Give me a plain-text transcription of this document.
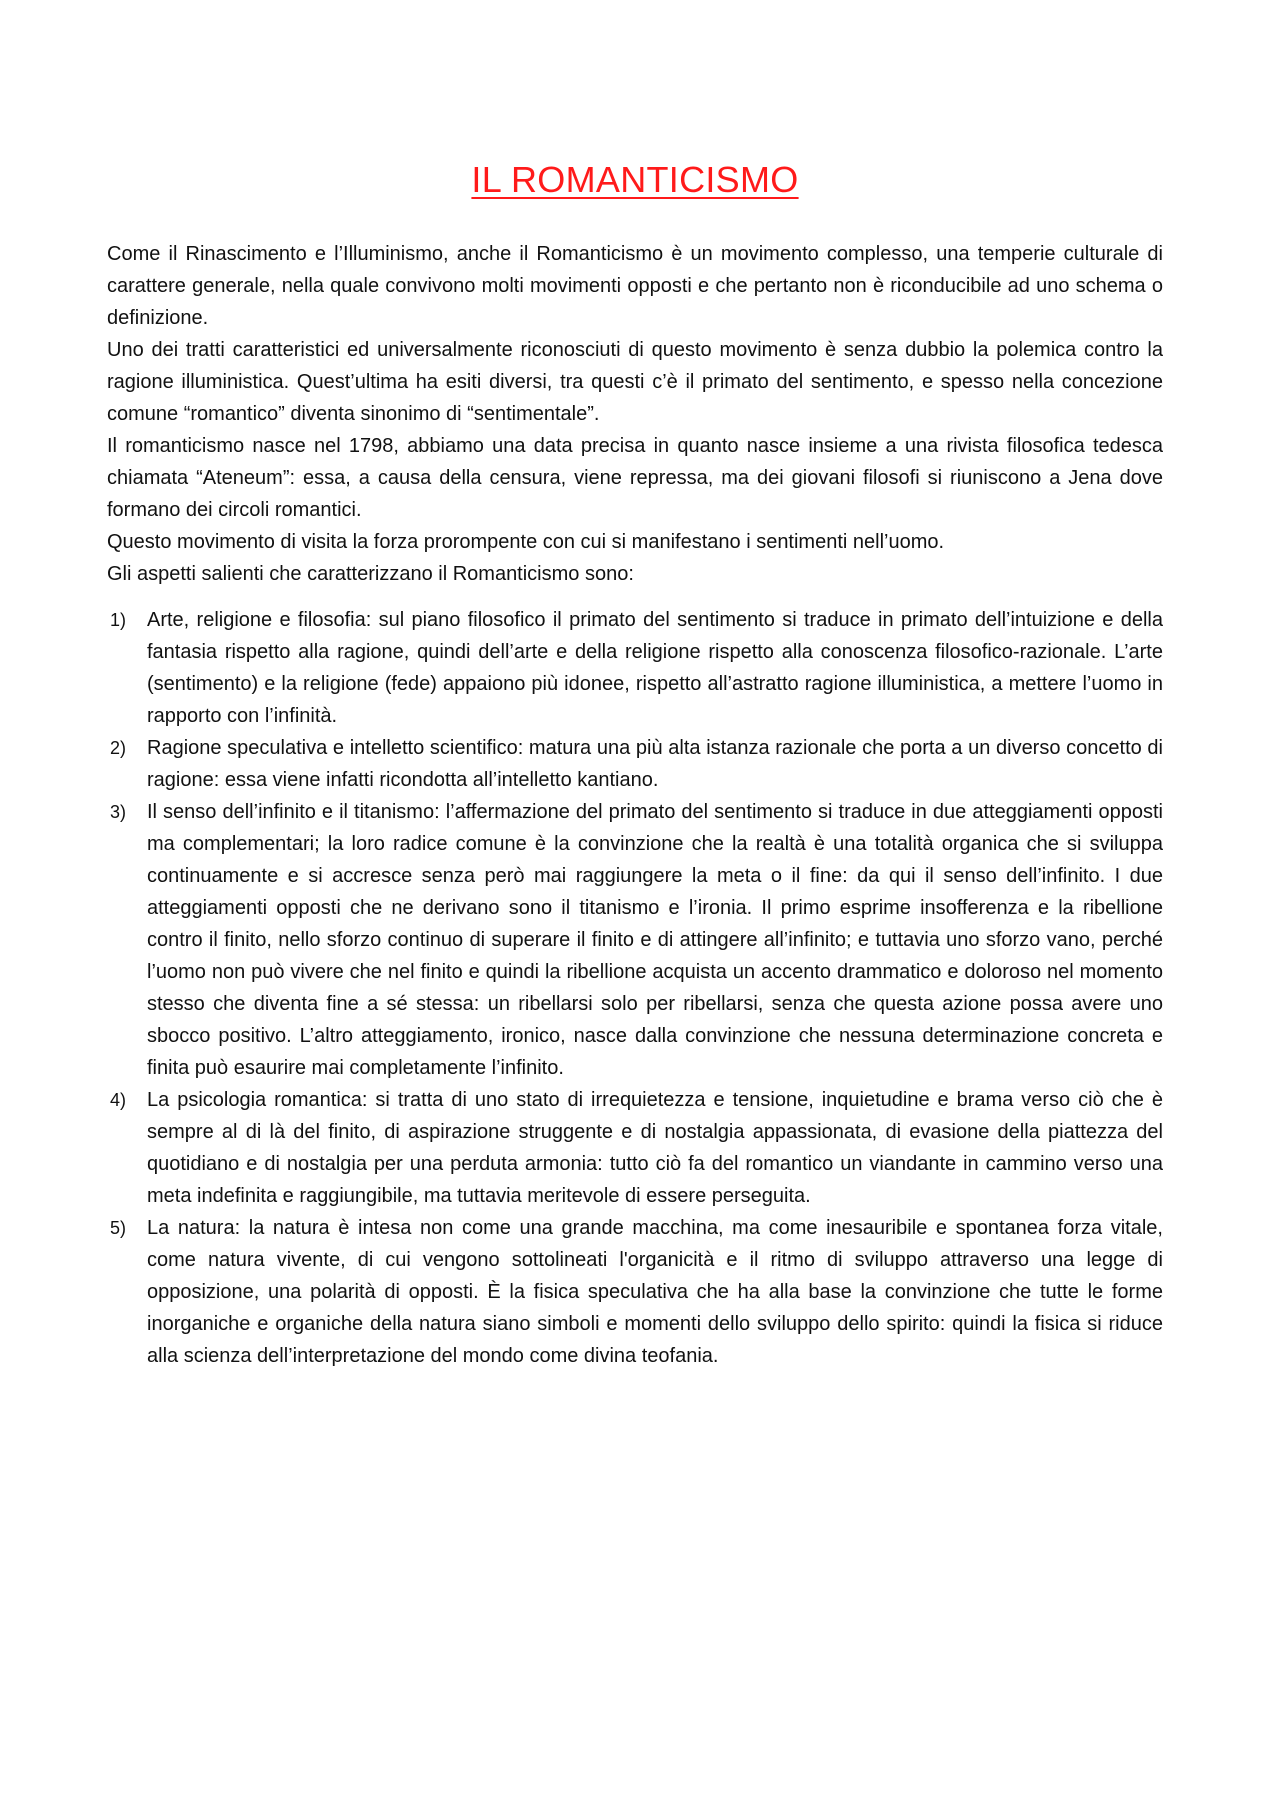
IL ROMANTICISMO

Come il Rinascimento e l’Illuminismo, anche il Romanticismo è un movimento complesso, una temperie culturale di carattere generale, nella quale convivono molti movimenti opposti e che pertanto non è riconducibile ad uno schema o definizione.

Uno dei tratti caratteristici ed universalmente riconosciuti di questo movimento è senza dubbio la polemica contro la ragione illuministica. Quest’ultima ha esiti diversi, tra questi c’è il primato del sentimento, e spesso nella concezione comune “romantico” diventa sinonimo di “sentimentale”.

Il romanticismo nasce nel 1798, abbiamo una data precisa in quanto nasce insieme a una rivista filosofica tedesca chiamata “Ateneum”: essa, a causa della censura, viene repressa, ma dei giovani filosofi si riuniscono a Jena dove formano dei circoli romantici.

Questo movimento di visita la forza prorompente con cui si manifestano i sentimenti nell’uomo.

Gli aspetti salienti che caratterizzano il Romanticismo sono:

1) Arte, religione e filosofia: sul piano filosofico il primato del sentimento si traduce in primato dell’intuizione e della fantasia rispetto alla ragione, quindi dell’arte e della religione rispetto alla conoscenza filosofico-razionale. L’arte (sentimento) e la religione (fede) appaiono più idonee, rispetto all’astratto ragione illuministica, a mettere l’uomo in rapporto con l’infinità.
2) Ragione speculativa e intelletto scientifico: matura una più alta istanza razionale che porta a un diverso concetto di ragione: essa viene infatti ricondotta all’intelletto kantiano.
3) Il senso dell’infinito e il titanismo: l’affermazione del primato del sentimento si traduce in due atteggiamenti opposti ma complementari; la loro radice comune è la convinzione che la realtà è una totalità organica che si sviluppa continuamente e si accresce senza però mai raggiungere la meta o il fine: da qui il senso dell’infinito. I due atteggiamenti opposti che ne derivano sono il titanismo e l’ironia. Il primo esprime insofferenza e la ribellione contro il finito, nello sforzo continuo di superare il finito e di attingere all’infinito; e tuttavia uno sforzo vano, perché l’uomo non può vivere che nel finito e quindi la ribellione acquista un accento drammatico e doloroso nel momento stesso che diventa fine a sé stessa: un ribellarsi solo per ribellarsi, senza che questa azione possa avere uno sbocco positivo. L’altro atteggiamento, ironico, nasce dalla convinzione che nessuna determinazione concreta e finita può esaurire mai completamente l’infinito.
4) La psicologia romantica: si tratta di uno stato di irrequietezza e tensione, inquietudine e brama verso ciò che è sempre al di là del finito, di aspirazione struggente e di nostalgia appassionata, di evasione della piattezza del quotidiano e di nostalgia per una perduta armonia: tutto ciò fa del romantico un viandante in cammino verso una meta indefinita e raggiungibile, ma tuttavia meritevole di essere perseguita.
5) La natura: la natura è intesa non come una grande macchina, ma come inesauribile e spontanea forza vitale, come natura vivente, di cui vengono sottolineati l'organicità e il ritmo di sviluppo attraverso una legge di opposizione, una polarità di opposti. È la fisica speculativa che ha alla base la convinzione che tutte le forme inorganiche e organiche della natura siano simboli e momenti dello sviluppo dello spirito: quindi la fisica si riduce alla scienza dell’interpretazione del mondo come divina teofania.
